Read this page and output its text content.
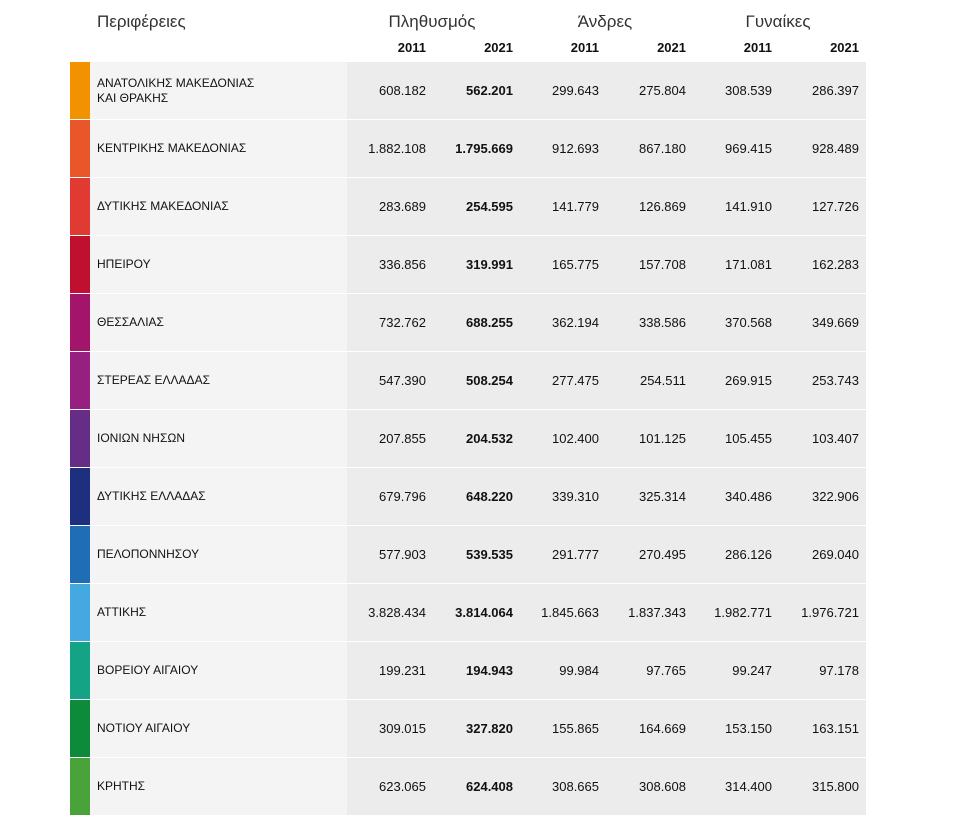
Περιφέρειες	Πληθυσμός	Άνδρες	Γυναίκες
2011	2021	2011	2021	2011	2021
ΑΝΑΤΟΛΙΚΗΣ ΜΑΚΕΔΟΝΙΑΣ
ΚΑΙ ΘΡΑΚΗΣ	608.182	562.201	299.643	275.804	308.539	286.397
ΚΕΝΤΡΙΚΗΣ ΜΑΚΕΔΟΝΙΑΣ	1.882.108	1.795.669	912.693	867.180	969.415	928.489
ΔΥΤΙΚΗΣ ΜΑΚΕΔΟΝΙΑΣ	283.689	254.595	141.779	126.869	141.910	127.726
ΗΠΕΙΡΟΥ	336.856	319.991	165.775	157.708	171.081	162.283
ΘΕΣΣΑΛΙΑΣ	732.762	688.255	362.194	338.586	370.568	349.669
ΣΤΕΡΕΑΣ ΕΛΛΑΔΑΣ	547.390	508.254	277.475	254.511	269.915	253.743
ΙΟΝΙΩΝ ΝΗΣΩΝ	207.855	204.532	102.400	101.125	105.455	103.407
ΔΥΤΙΚΗΣ ΕΛΛΑΔΑΣ	679.796	648.220	339.310	325.314	340.486	322.906
ΠΕΛΟΠΟΝΝΗΣΟΥ	577.903	539.535	291.777	270.495	286.126	269.040
ΑΤΤΙΚΗΣ	3.828.434	3.814.064	1.845.663	1.837.343	1.982.771	1.976.721
ΒΟΡΕΙΟΥ ΑΙΓΑΙΟΥ	199.231	194.943	99.984	97.765	99.247	97.178
ΝΟΤΙΟΥ ΑΙΓΑΙΟΥ	309.015	327.820	155.865	164.669	153.150	163.151
ΚΡΗΤΗΣ	623.065	624.408	308.665	308.608	314.400	315.800
